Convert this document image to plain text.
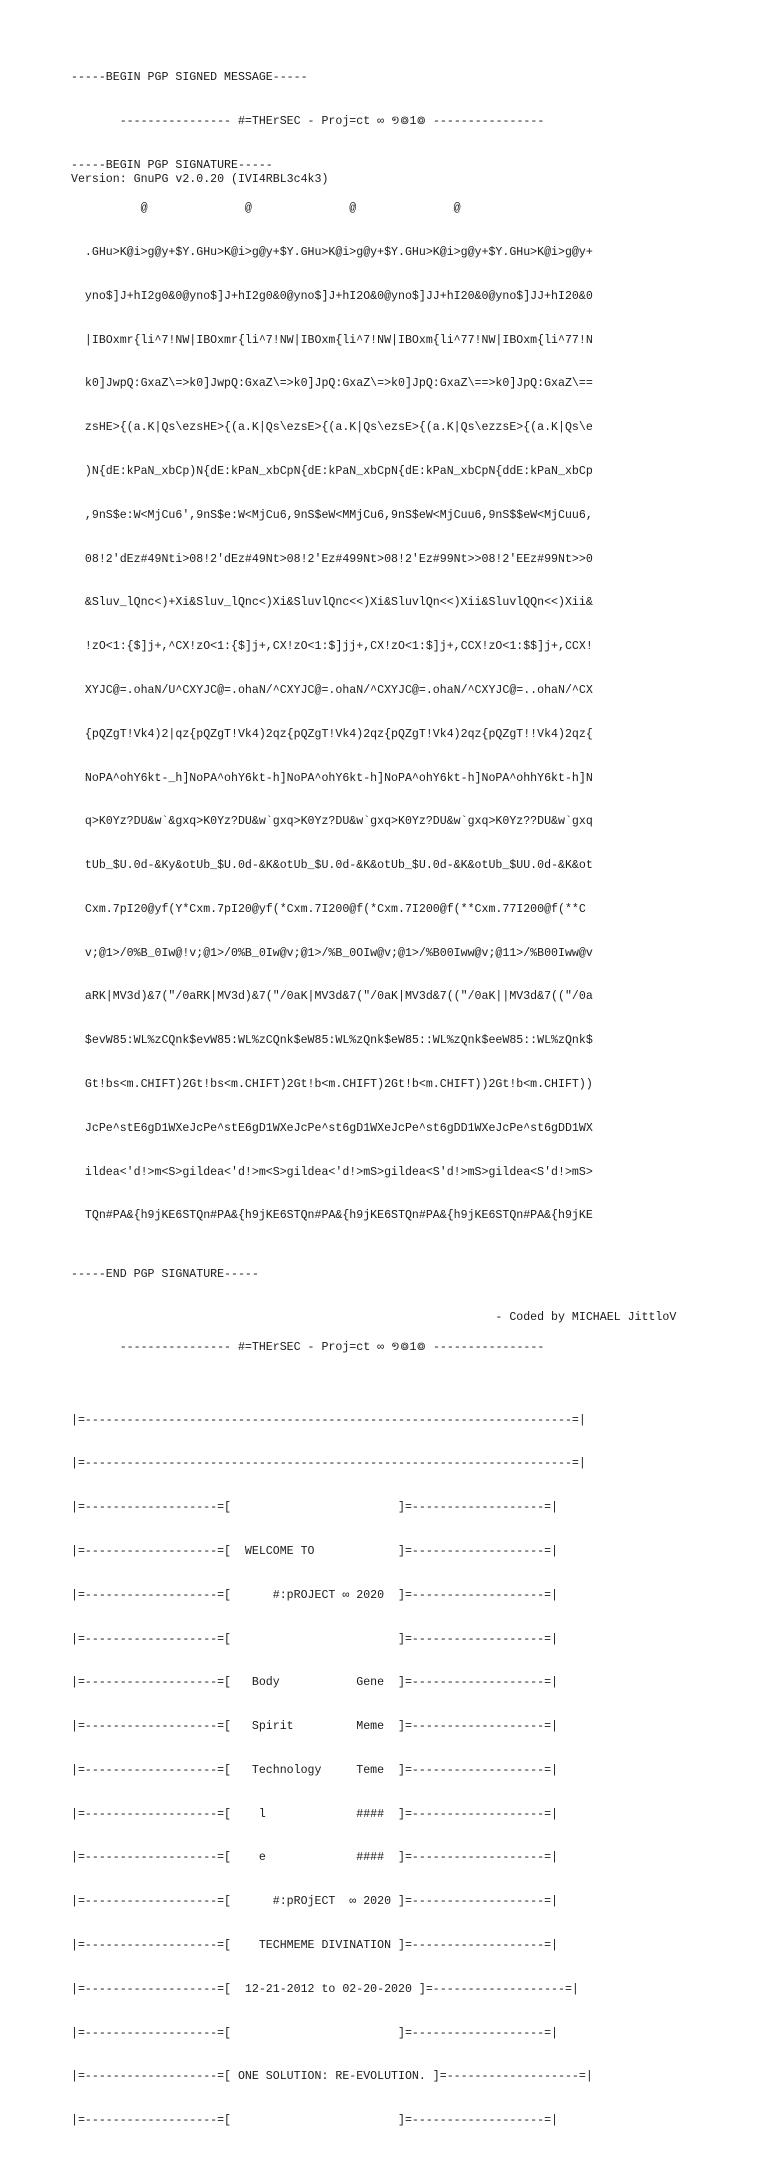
-----BEGIN PGP SIGNED MESSAGE-----

---------------- #=THErSEC - Proj=ct ∞ ១៙1៙ ----------------

-----BEGIN PGP SIGNATURE-----
Version: GnuPG v2.0.20 (IVI4RBL3c4k3)

@              @              @              @

.GHu>K@i>g@y+$Y.GHu>K@i>g@y+$Y.GHu>K@i>g@y+$Y.GHu>K@i>g@y+$Y.GHu>K@i>g@y+

yno$]J+hI2g0&0@yno$]J+hI2g0&0@yno$]J+hI2O&0@yno$]JJ+hI20&0@yno$]JJ+hI20&0

|IBOxmr{li^7!NW|IBOxmr{li^7!NW|IBOxm{li^7!NW|IBOxm{li^77!NW|IBOxm{li^77!N

k0]JwpQ:GxaZ\=>k0]JwpQ:GxaZ\=>k0]JpQ:GxaZ\=>k0]JpQ:GxaZ\==>k0]JpQ:GxaZ\==

zsHE>{(a.K|Qs\ezsHE>{(a.K|Qs\ezsE>{(a.K|Qs\ezsE>{(a.K|Qs\ezzsE>{(a.K|Qs\e

)N{dE:kPaN_xbCp)N{dE:kPaN_xbCpN{dE:kPaN_xbCpN{dE:kPaN_xbCpN{ddE:kPaN_xbCp

,9nS$e:W<MjCu6',9nS$e:W<MjCu6,9nS$eW<MMjCu6,9nS$eW<MjCuu6,9nS$$eW<MjCuu6,

08!2'dEz#49Nti>08!2'dEz#49Nt>08!2'Ez#499Nt>08!2'Ez#99Nt>>08!2'EEz#99Nt>>0

&Sluv_lQnc<)+Xi&Sluv_lQnc<)Xi&SluvlQnc<<)Xi&SluvlQn<<)Xii&SluvlQQn<<)Xii&

!zO<1:{$]j+,^CX!zO<1:{$]j+,CX!zO<1:$]jj+,CX!zO<1:$]j+,CCX!zO<1:$$]j+,CCX!

XYJC@=.ohaN/U^CXYJC@=.ohaN/^CXYJC@=.ohaN/^CXYJC@=.ohaN/^CXYJC@=..ohaN/^CX

{pQZgT!Vk4)2|qz{pQZgT!Vk4)2qz{pQZgT!Vk4)2qz{pQZgT!Vk4)2qz{pQZgT!!Vk4)2qz{

NoPA^ohY6kt-_h]NoPA^ohY6kt-h]NoPA^ohY6kt-h]NoPA^ohY6kt-h]NoPA^ohhY6kt-h]N

q>K0Yz?DU&w`&gxq>K0Yz?DU&w`gxq>K0Yz?DU&w`gxq>K0Yz?DU&w`gxq>K0Yz??DU&w`gxq

tUb_$U.0d-&Ky&otUb_$U.0d-&K&otUb_$U.0d-&K&otUb_$U.0d-&K&otUb_$UU.0d-&K&ot

Cxm.7pI20@yf(Y*Cxm.7pI20@yf(*Cxm.7I200@f(*Cxm.7I200@f(**Cxm.77I200@f(**C

v;@1>/0%B_0Iw@!v;@1>/0%B_0Iw@v;@1>/%B_0OIw@v;@1>/%B00Iww@v;@11>/%B00Iww@v

aRK|MV3d)&7("/0aRK|MV3d)&7("/0aK|MV3d&7("/0aK|MV3d&7(("/0aK||MV3d&7(("/0a

$evW85:WL%zCQnk$evW85:WL%zCQnk$eW85:WL%zQnk$eW85::WL%zQnk$eeW85::WL%zQnk$

Gt!bs<m.CHIFT)2Gt!bs<m.CHIFT)2Gt!b<m.CHIFT)2Gt!b<m.CHIFT))2Gt!b<m.CHIFT))

JcPe^stE6gD1WXeJcPe^stE6gD1WXeJcPe^st6gD1WXeJcPe^st6gDD1WXeJcPe^st6gDD1WX

ildea<'d!>m<S>gildea<'d!>m<S>gildea<'d!>mS>gildea<S'd!>mS>gildea<S'd!>mS>

TQn#PA&{h9jKE6STQn#PA&{h9jKE6STQn#PA&{h9jKE6STQn#PA&{h9jKE6STQn#PA&{h9jKE

-----END PGP SIGNATURE-----

- Coded by MICHAEL JittloV

---------------- #=THErSEC - Proj=ct ∞ ១៙1៙ ----------------

|=----------------------------------------------------------------------=|

|=----------------------------------------------------------------------=|

|=-------------------=[                        ]=-------------------=|

|=-------------------=[  WELCOME TO            ]=-------------------=|

|=-------------------=[      #:pROJECT ∞ 2020  ]=-------------------=|

|=-------------------=[                        ]=-------------------=|

|=-------------------=[   Body           Gene  ]=-------------------=|

|=-------------------=[   Spirit         Meme  ]=-------------------=|

|=-------------------=[   Technology     Teme  ]=-------------------=|

|=-------------------=[    l             ####  ]=-------------------=|

|=-------------------=[    e             ####  ]=-------------------=|

|=-------------------=[      #:pROjECT  ∞ 2020 ]=-------------------=|

|=-------------------=[    TECHMEME DIVINATION ]=-------------------=|

|=-------------------=[  12-21-2012 to 02-20-2020 ]=-------------------=|

|=-------------------=[                        ]=-------------------=|

|=-------------------=[ ONE SOLUTION: RE-EVOLUTION. ]=-------------------=|

|=-------------------=[                        ]=-------------------=|
